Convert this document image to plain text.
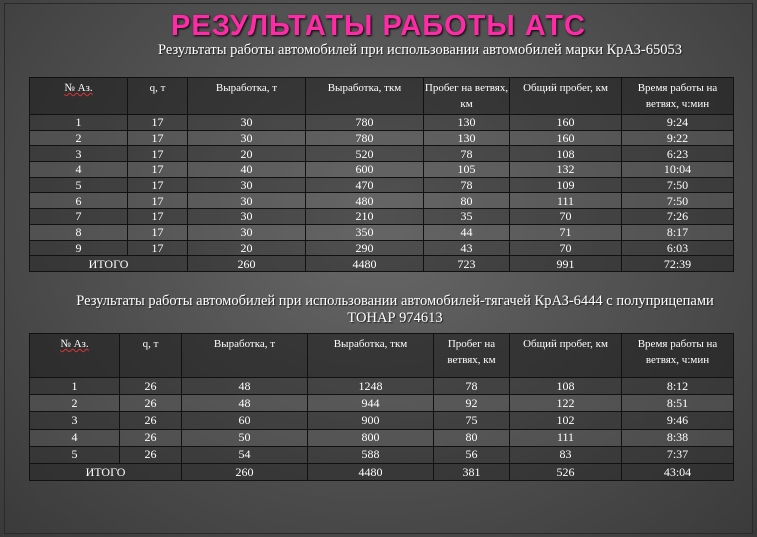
РЕЗУЛЬТАТЫ РАБОТЫ АТС
Результаты работы автомобилей при использовании автомобилей марки КрАЗ-65053
№ Аз.	q, т	Выработка, т	Выработка, ткм	Пробег на ветвях, км	Общий пробег, км	Время работы на ветвях, ч:мин
1	17	30	780	130	160	9:24
2	17	30	780	130	160	9:22
3	17	20	520	78	108	6:23
4	17	40	600	105	132	10:04
5	17	30	470	78	109	7:50
6	17	30	480	80	111	7:50
7	17	30	210	35	70	7:26
8	17	30	350	44	71	8:17
9	17	20	290	43	70	6:03
ИТОГО		260	4480	723	991	72:39
Результаты работы автомобилей при использовании автомобилей-тягачей КрАЗ-6444 с полуприцепами
ТОНАР 974613
№ Аз.	q, т	Выработка, т	Выработка, ткм	Пробег на ветвях, км	Общий пробег, км	Время работы на ветвях, ч:мин
1	26	48	1248	78	108	8:12
2	26	48	944	92	122	8:51
3	26	60	900	75	102	9:46
4	26	50	800	80	111	8:38
5	26	54	588	56	83	7:37
ИТОГО		260	4480	381	526	43:04
